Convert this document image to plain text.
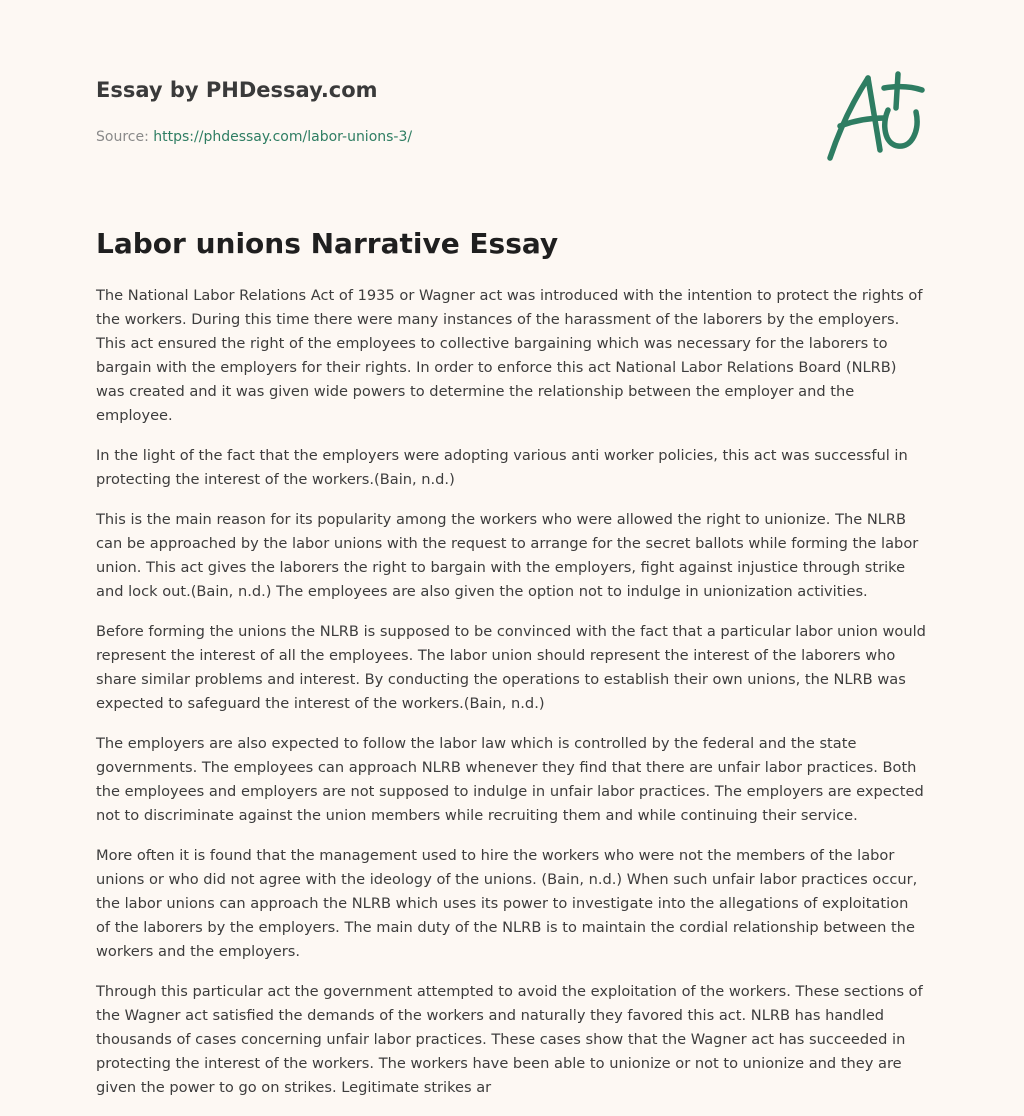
Essay by PHDessay.com
Source: https://phdessay.com/labor-unions-3/
Labor unions Narrative Essay

The National Labor Relations Act of 1935 or Wagner act was introduced with the intention to protect the rights of the workers. During this time there were many instances of the harassment of the laborers by the employers. This act ensured the right of the employees to collective bargaining which was necessary for the laborers to bargain with the employers for their rights. In order to enforce this act National Labor Relations Board (NLRB) was created and it was given wide powers to determine the relationship between the employer and the employee.

In the light of the fact that the employers were adopting various anti worker policies, this act was successful in protecting the interest of the workers.(Bain, n.d.)

This is the main reason for its popularity among the workers who were allowed the right to unionize. The NLRB can be approached by the labor unions with the request to arrange for the secret ballots while forming the labor union. This act gives the laborers the right to bargain with the employers, fight against injustice through strike and lock out.(Bain, n.d.) The employees are also given the option not to indulge in unionization activities.

Before forming the unions the NLRB is supposed to be convinced with the fact that a particular labor union would represent the interest of all the employees. The labor union should represent the interest of the laborers who share similar problems and interest. By conducting the operations to establish their own unions, the NLRB was expected to safeguard the interest of the workers.(Bain, n.d.)

The employers are also expected to follow the labor law which is controlled by the federal and the state governments. The employees can approach NLRB whenever they find that there are unfair labor practices. Both the employees and employers are not supposed to indulge in unfair labor practices. The employers are expected not to discriminate against the union members while recruiting them and while continuing their service.

More often it is found that the management used to hire the workers who were not the members of the labor unions or who did not agree with the ideology of the unions. (Bain, n.d.) When such unfair labor practices occur, the labor unions can approach the NLRB which uses its power to investigate into the allegations of exploitation of the laborers by the employers. The main duty of the NLRB is to maintain the cordial relationship between the workers and the employers.

Through this particular act the government attempted to avoid the exploitation of the workers. These sections of the Wagner act satisfied the demands of the workers and naturally they favored this act. NLRB has handled thousands of cases concerning unfair labor practices. These cases show that the Wagner act has succeeded in protecting the interest of the workers. The workers have been able to unionize or not to unionize and they are given the power to go on strikes. Legitimate strikes ar
